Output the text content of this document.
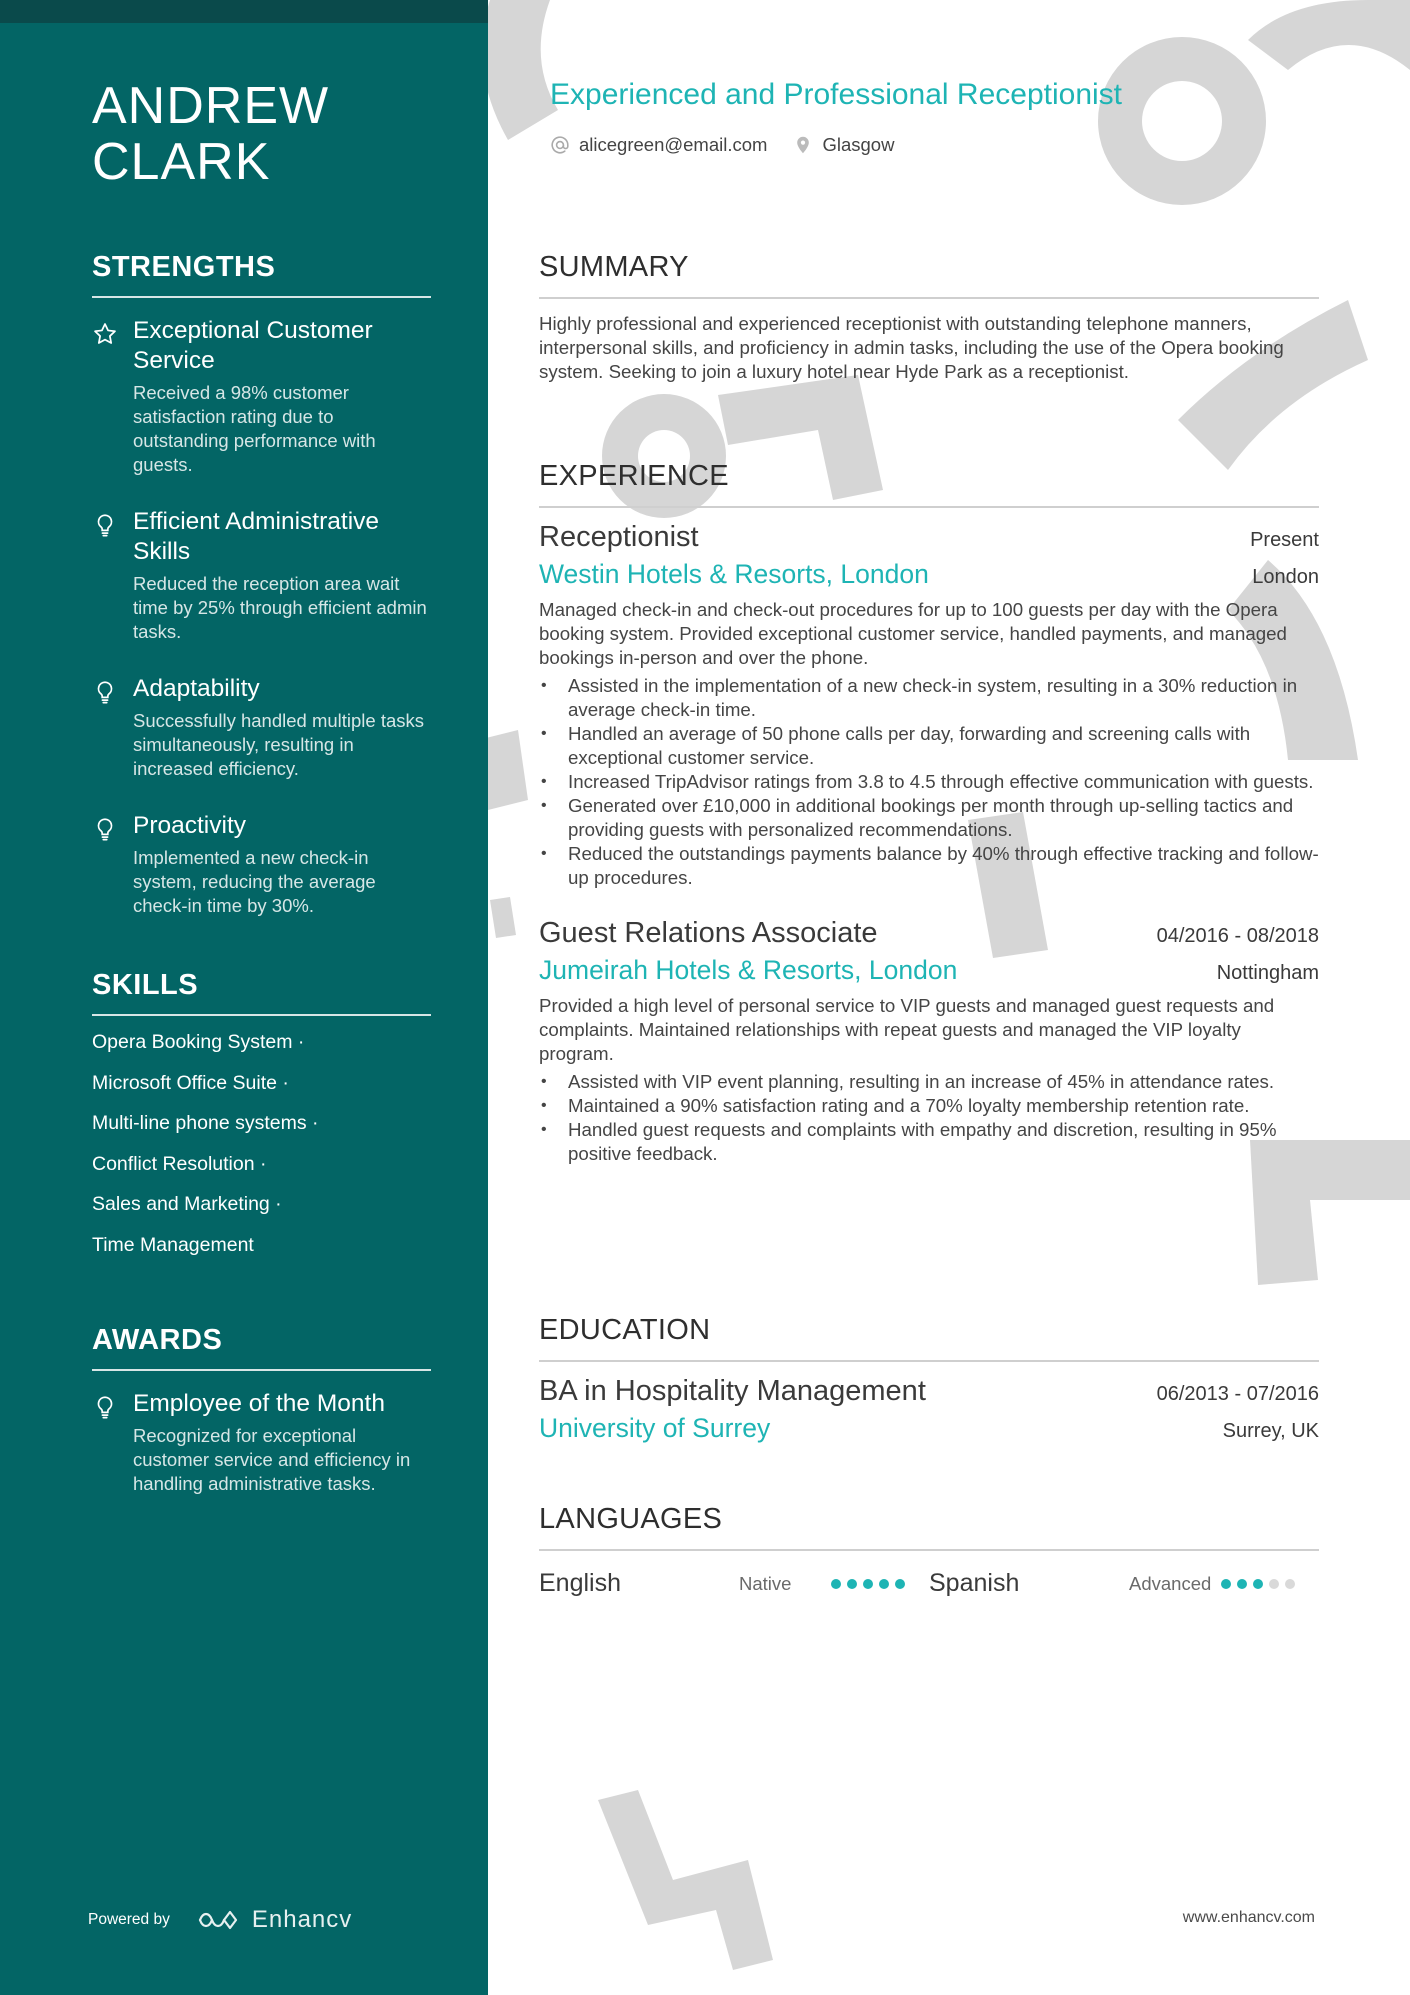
ANDREW
CLARK
STRENGTHS
Exceptional Customer Service
Received a 98% customer satisfaction rating due to outstanding performance with guests.
Efficient Administrative Skills
Reduced the reception area wait time by 25% through efficient admin tasks.
Adaptability
Successfully handled multiple tasks simultaneously, resulting in increased efficiency.
Proactivity
Implemented a new check-in system, reducing the average check-in time by 30%.
SKILLS
Opera Booking System ·
Microsoft Office Suite ·
Multi-line phone systems ·
Conflict Resolution ·
Sales and Marketing ·
Time Management
AWARDS
Employee of the Month
Recognized for exceptional customer service and efficiency in handling administrative tasks.
Powered by	Enhancv
Experienced and Professional Receptionist
alicegreen@email.com	Glasgow
SUMMARY
Highly professional and experienced receptionist with outstanding telephone manners, interpersonal skills, and proficiency in admin tasks, including the use of the Opera booking system. Seeking to join a luxury hotel near Hyde Park as a receptionist.
EXPERIENCE
Receptionist	Present
Westin Hotels & Resorts, London	London
Managed check-in and check-out procedures for up to 100 guests per day with the Opera booking system. Provided exceptional customer service, handled payments, and managed bookings in-person and over the phone.
• Assisted in the implementation of a new check-in system, resulting in a 30% reduction in average check-in time.
• Handled an average of 50 phone calls per day, forwarding and screening calls with exceptional customer service.
• Increased TripAdvisor ratings from 3.8 to 4.5 through effective communication with guests.
• Generated over £10,000 in additional bookings per month through up-selling tactics and providing guests with personalized recommendations.
• Reduced the outstandings payments balance by 40% through effective tracking and follow-up procedures.
Guest Relations Associate	04/2016 - 08/2018
Jumeirah Hotels & Resorts, London	Nottingham
Provided a high level of personal service to VIP guests and managed guest requests and complaints. Maintained relationships with repeat guests and managed the VIP loyalty program.
• Assisted with VIP event planning, resulting in an increase of 45% in attendance rates.
• Maintained a 90% satisfaction rating and a 70% loyalty membership retention rate.
• Handled guest requests and complaints with empathy and discretion, resulting in 95% positive feedback.
EDUCATION
BA in Hospitality Management	06/2013 - 07/2016
University of Surrey	Surrey, UK
LANGUAGES
English	Native	Spanish	Advanced
www.enhancv.com
